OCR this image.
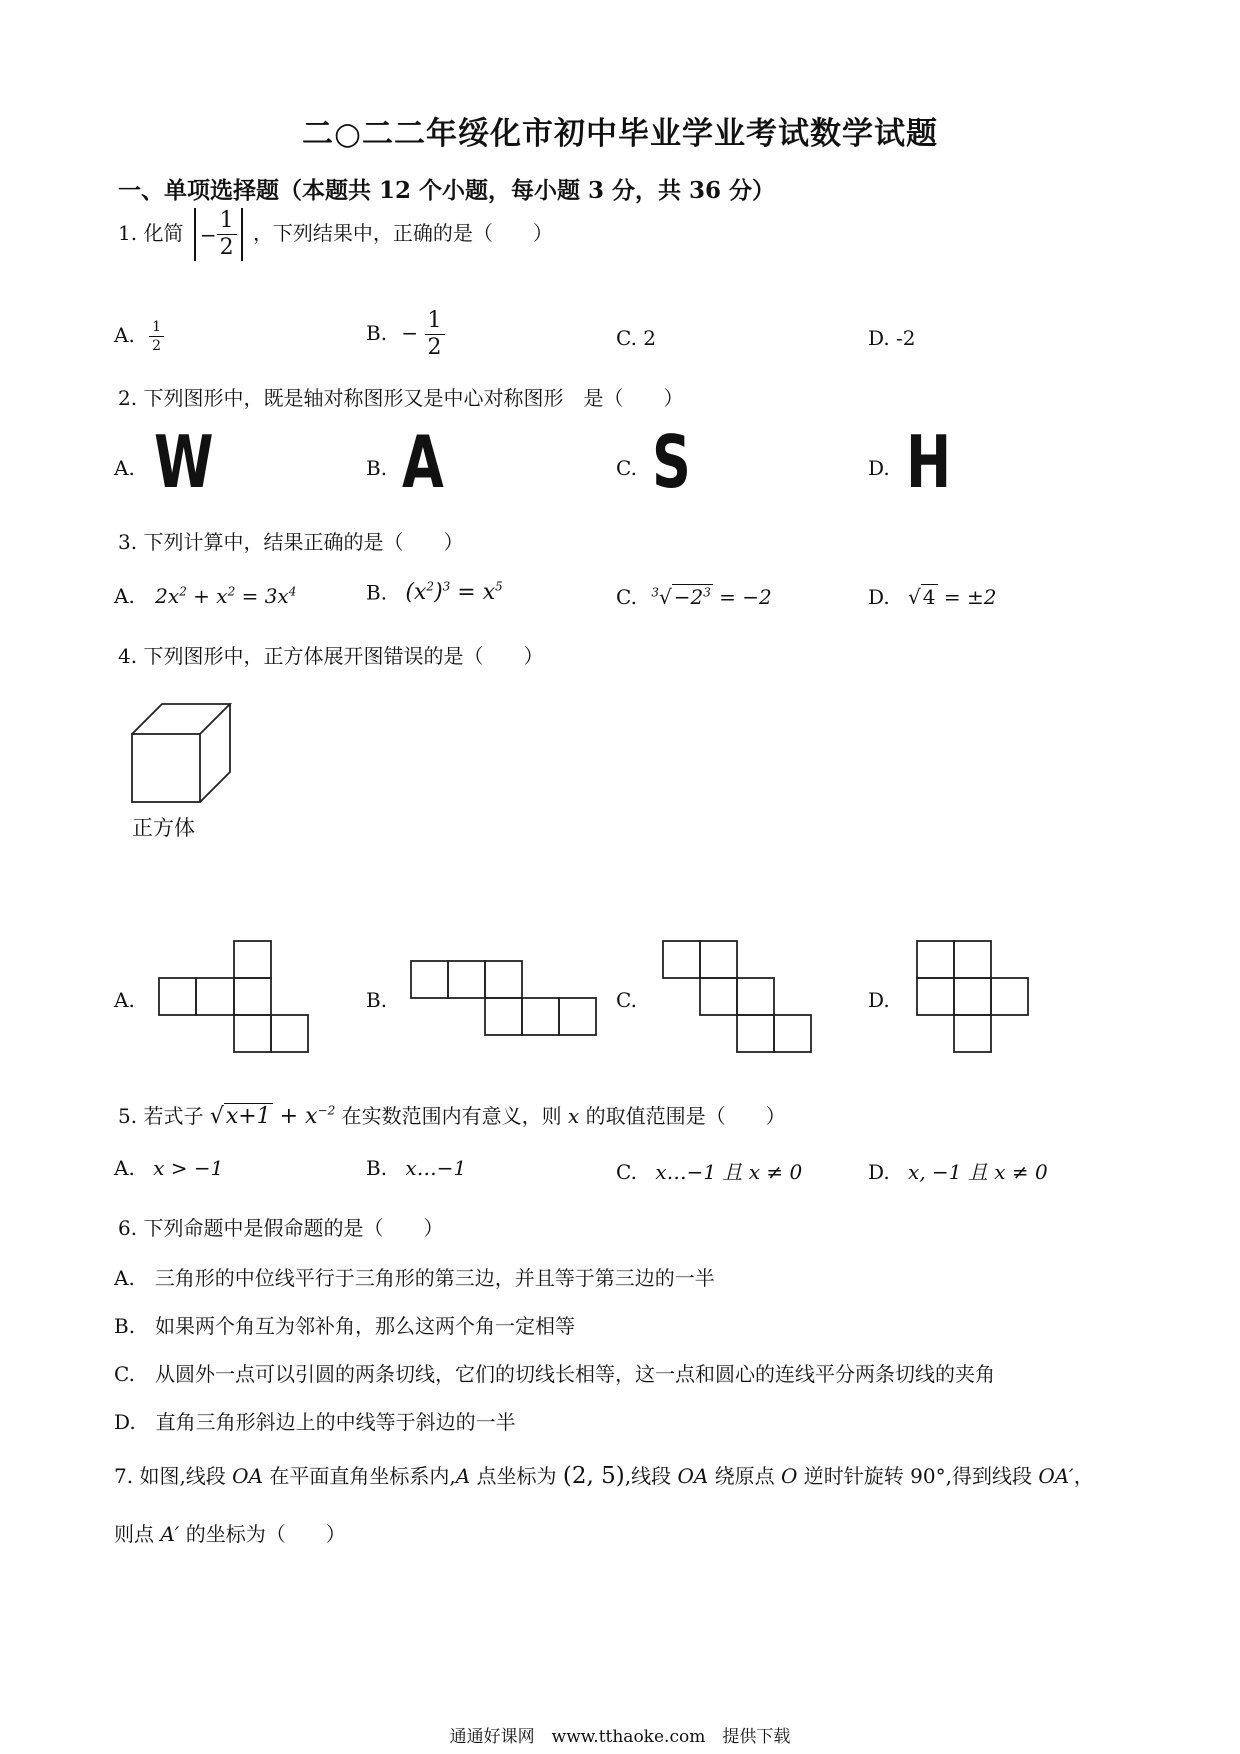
二○二二年绥化市初中毕业学业考试数学试题
一、单项选择题（本题共 12 个小题，每小题 3 分，共 36 分）
1. 化简 − $\frac{1}{2}$ ，下列结果中，正确的是（　　）
A. $\frac{1}{2}$	B. − $\frac{1}{2}$	C. 2	D. -2
2. 下列图形中，既是轴对称图形又是中心对称图形　是（　　）
A. W	B. A	C. S	D. H
3. 下列计算中，结果正确的是（　　）
A. $2x^2 + x^2 = 3x^4$	B. $(x^2)^3 = x^5$	C. $^3√ -2^3 = -2$	D. √ 4 = ±2
4. 下列图形中，正方体展开图错误的是（　　）
正方体
A.	B.	C.	D.
5. 若式子 $√x+1 + x^{-2}$ 在实数范围内有意义，则 x 的取值范围是（　　）
A. x > −1	B. x…−1	C. x…−1 且 x ≠ 0	D. x, −1 且 x ≠ 0
6. 下列命题中是假命题的是（　　）
A.　三角形的中位线平行于三角形的第三边，并且等于第三边的一半
B.　如果两个角互为邻补角，那么这两个角一定相等
C.　从圆外一点可以引圆的两条切线，它们的切线长相等，这一点和圆心的连线平分两条切线的夹角
D.　直角三角形斜边上的中线等于斜边的一半
7. 如图,线段 OA 在平面直角坐标系内,A 点坐标为 (2, 5),线段 OA 绕原点 O 逆时针旋转 90°,得到线段 OA′，
则点 A′ 的坐标为（　　）
通通好课网　www.tthaoke.com　提供下载
